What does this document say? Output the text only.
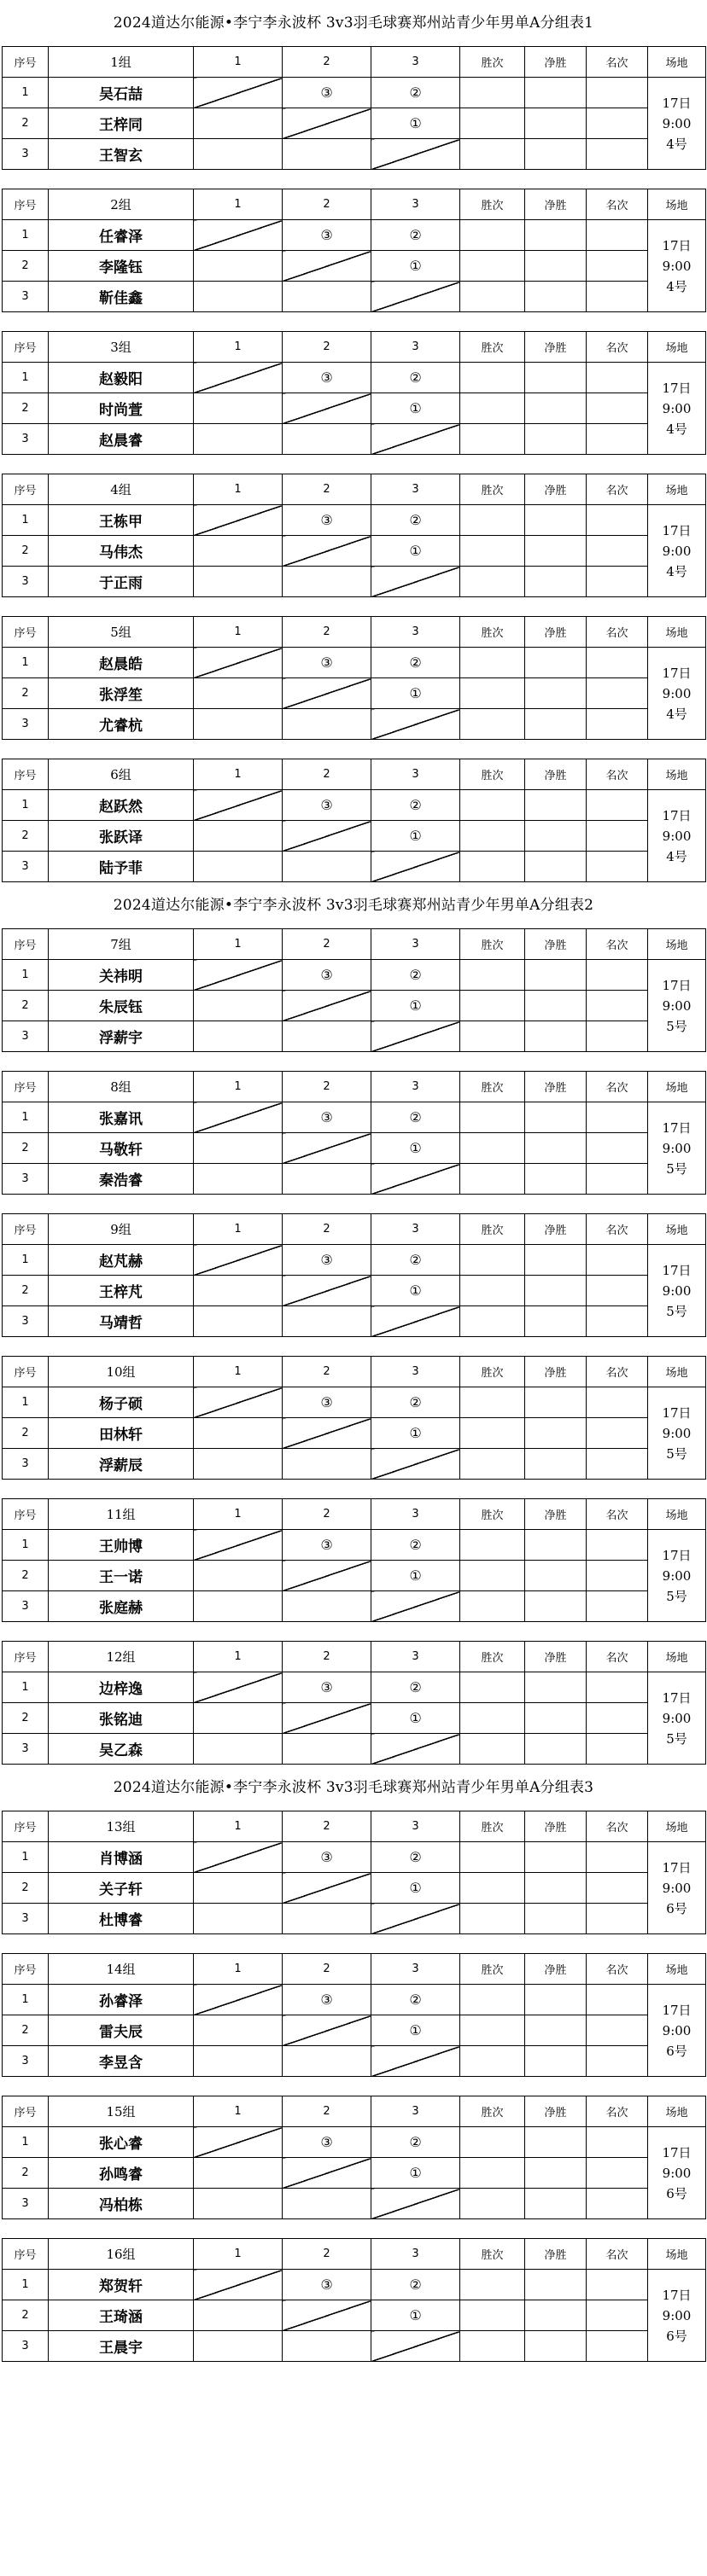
2024道达尔能源•李宁李永波杯 3v3羽毛球赛郑州站青少年男单A分组表1
序号	1组	1	2	3	胜次	净胜	名次	场地
1	吴石喆		③	②				17日
9:00
4号

2	王梓同			①				
3	王智玄							
序号	2组	1	2	3	胜次	净胜	名次	场地
1	任睿泽		③	②				17日
9:00
4号

2	李隆钰			①				
3	靳佳鑫							
序号	3组	1	2	3	胜次	净胜	名次	场地
1	赵毅阳		③	②				17日
9:00
4号

2	时尚萱			①				
3	赵晨睿							
序号	4组	1	2	3	胜次	净胜	名次	场地
1	王栋甲		③	②				17日
9:00
4号

2	马伟杰			①				
3	于正雨							
序号	5组	1	2	3	胜次	净胜	名次	场地
1	赵晨皓		③	②				17日
9:00
4号

2	张浮笙			①				
3	尤睿杭							
序号	6组	1	2	3	胜次	净胜	名次	场地
1	赵跃然		③	②				17日
9:00
4号

2	张跃译			①				
3	陆予菲							
2024道达尔能源•李宁李永波杯 3v3羽毛球赛郑州站青少年男单A分组表2
序号	7组	1	2	3	胜次	净胜	名次	场地
1	关祎明		③	②				17日
9:00
5号

2	朱辰钰			①				
3	浮薪宇							
序号	8组	1	2	3	胜次	净胜	名次	场地
1	张嘉讯		③	②				17日
9:00
5号

2	马敬轩			①				
3	秦浩睿							
序号	9组	1	2	3	胜次	净胜	名次	场地
1	赵芃赫		③	②				17日
9:00
5号

2	王梓芃			①				
3	马靖哲							
序号	10组	1	2	3	胜次	净胜	名次	场地
1	杨子硕		③	②				17日
9:00
5号

2	田林轩			①				
3	浮薪辰							
序号	11组	1	2	3	胜次	净胜	名次	场地
1	王帅博		③	②				17日
9:00
5号

2	王一诺			①				
3	张庭赫							
序号	12组	1	2	3	胜次	净胜	名次	场地
1	边梓逸		③	②				17日
9:00
5号

2	张铭迪			①				
3	吴乙森							
2024道达尔能源•李宁李永波杯 3v3羽毛球赛郑州站青少年男单A分组表3
序号	13组	1	2	3	胜次	净胜	名次	场地
1	肖博涵		③	②				17日
9:00
6号

2	关子轩			①				
3	杜博睿							
序号	14组	1	2	3	胜次	净胜	名次	场地
1	孙睿泽		③	②				17日
9:00
6号

2	雷夫辰			①				
3	李昱含							
序号	15组	1	2	3	胜次	净胜	名次	场地
1	张心睿		③	②				17日
9:00
6号

2	孙鸣睿			①				
3	冯柏栋							
序号	16组	1	2	3	胜次	净胜	名次	场地
1	郑贺轩		③	②				17日
9:00
6号

2	王琦涵			①				
3	王晨宇							
